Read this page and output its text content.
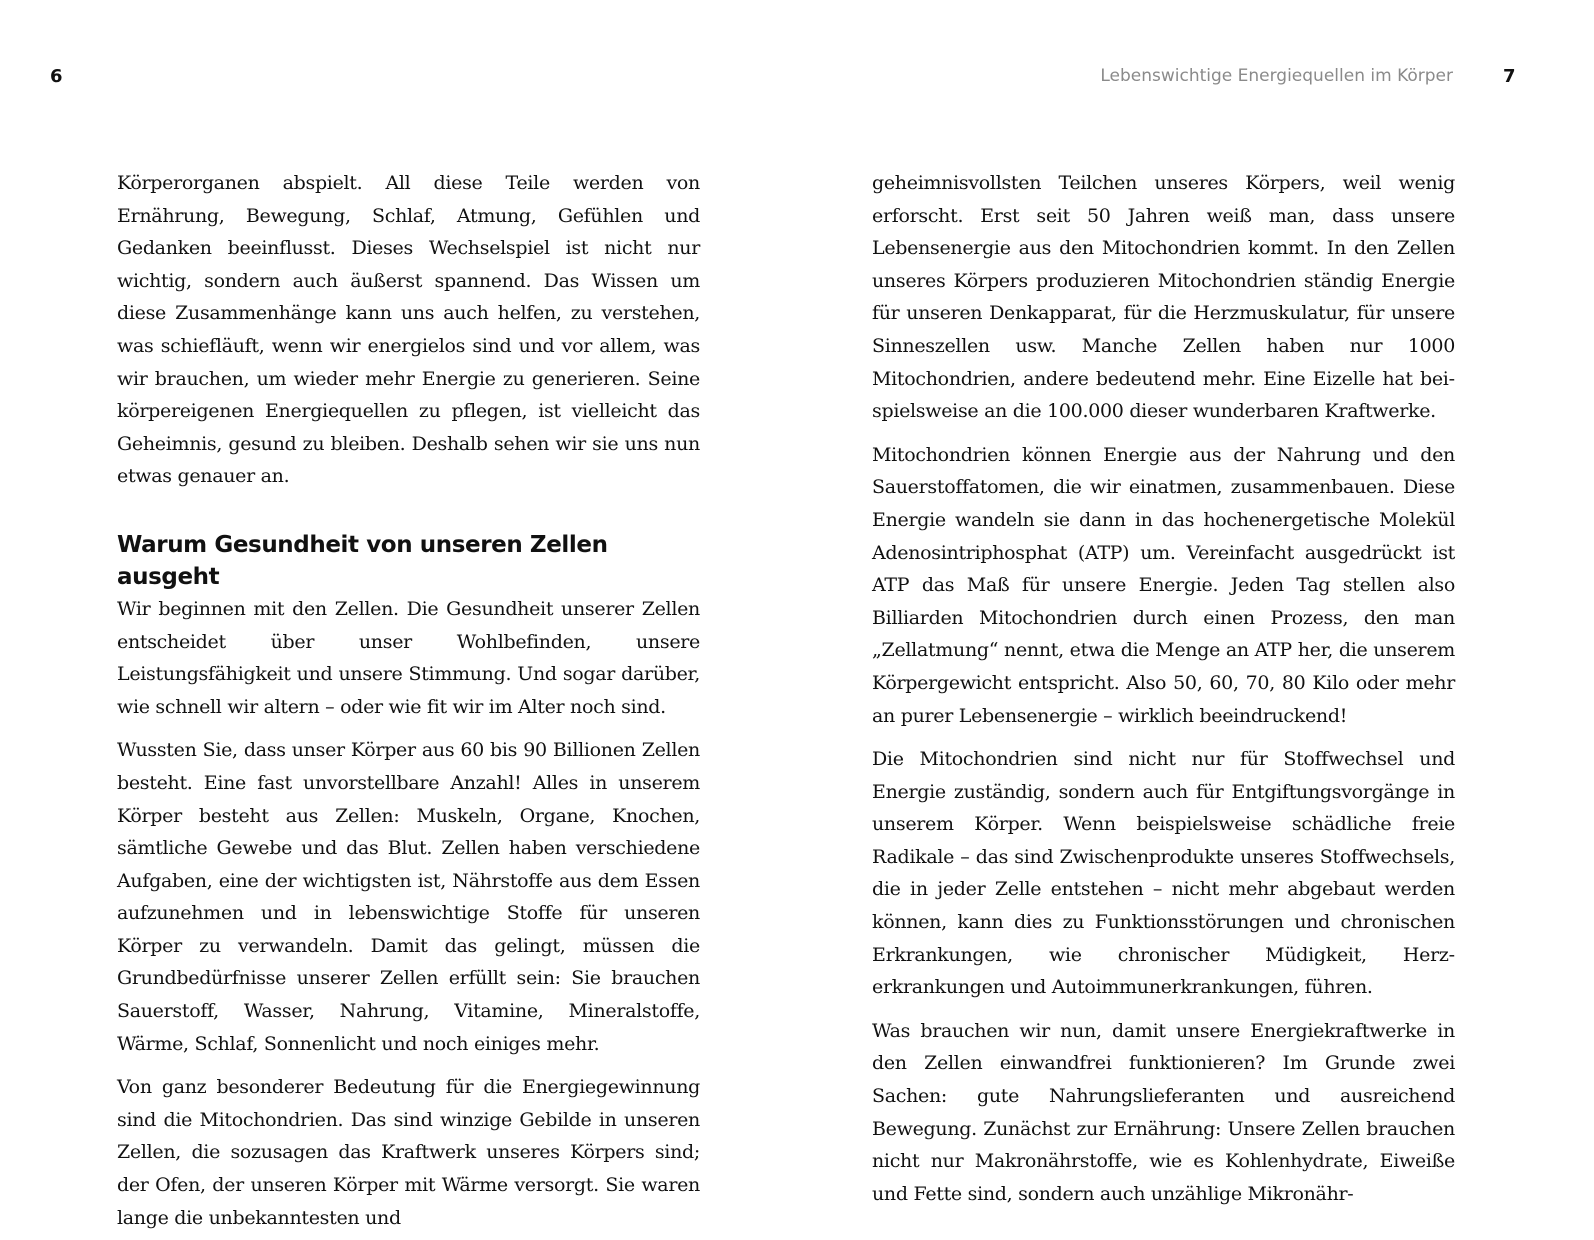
6	Lebenswichtige Energiequellen im Körper	7

Körperorganen abspielt. All diese Teile werden von Ernährung, Bewegung, Schlaf, Atmung, Gefühlen und Gedanken beeinflusst. Dieses Wechselspiel ist nicht nur wichtig, sondern auch äußerst spannend. Das Wissen um diese Zusammenhänge kann uns auch helfen, zu verstehen, was schiefläuft, wenn wir energielos sind und vor allem, was wir brauchen, um wieder mehr Energie zu generieren. Seine körpereigenen Energiequellen zu pflegen, ist vielleicht das Geheimnis, gesund zu bleiben. Deshalb sehen wir sie uns nun etwas genauer an.

Warum Gesundheit von unseren Zellen ausgeht

Wir beginnen mit den Zellen. Die Gesundheit unserer Zellen entscheidet über unser Wohlbefinden, unsere Leistungsfähigkeit und unsere Stimmung. Und sogar darüber, wie schnell wir altern – oder wie fit wir im Alter noch sind.

Wussten Sie, dass unser Körper aus 60 bis 90 Billionen Zellen besteht. Eine fast unvorstellbare Anzahl! Alles in unserem Körper besteht aus Zellen: Muskeln, Organe, Knochen, sämtliche Gewebe und das Blut. Zellen haben verschiedene Aufgaben, eine der wichtigsten ist, Nährstoffe aus dem Essen aufzunehmen und in lebenswichtige Stoffe für unseren Körper zu verwandeln. Damit das gelingt, müssen die Grundbedürfnisse unserer Zellen erfüllt sein: Sie brauchen Sauerstoff, Wasser, Nahrung, Vitamine, Mineralstoffe, Wärme, Schlaf, Sonnenlicht und noch einiges mehr.

Von ganz besonderer Bedeutung für die Energiegewinnung sind die Mitochondrien. Das sind winzige Gebilde in unseren Zellen, die sozusagen das Kraftwerk unseres Körpers sind; der Ofen, der unseren Körper mit Wärme versorgt. Sie waren lange die unbekanntesten und

geheimnisvollsten Teilchen unseres Körpers, weil wenig erforscht. Erst seit 50 Jahren weiß man, dass unsere Lebensenergie aus den Mitochondrien kommt. In den Zellen unseres Körpers produzieren Mitochondrien ständig Energie für unseren Denkapparat, für die Herzmuskulatur, für unsere Sinneszellen usw. Manche Zellen haben nur 1000 Mitochondrien, andere bedeutend mehr. Eine Eizelle hat beispielsweise an die 100.000 dieser wunderbaren Kraftwerke.

Mitochondrien können Energie aus der Nahrung und den Sauerstoffatomen, die wir einatmen, zusammenbauen. Diese Energie wandeln sie dann in das hochenergetische Molekül Adenosintriphosphat (ATP) um. Vereinfacht ausgedrückt ist ATP das Maß für unsere Energie. Jeden Tag stellen also Billiarden Mitochondrien durch einen Prozess, den man „Zellatmung“ nennt, etwa die Menge an ATP her, die unserem Körpergewicht entspricht. Also 50, 60, 70, 80 Kilo oder mehr an purer Lebensenergie – wirklich beeindruckend!

Die Mitochondrien sind nicht nur für Stoffwechsel und Energie zuständig, sondern auch für Entgiftungsvorgänge in unserem Körper. Wenn beispielsweise schädliche freie Radikale – das sind Zwischenprodukte unseres Stoffwechsels, die in jeder Zelle entstehen – nicht mehr abgebaut werden können, kann dies zu Funktionsstörungen und chronischen Erkrankungen, wie chronischer Müdigkeit, Herzerkrankungen und Autoimmunerkrankungen, führen.

Was brauchen wir nun, damit unsere Energiekraftwerke in den Zellen einwandfrei funktionieren? Im Grunde zwei Sachen: gute Nahrungslieferanten und ausreichend Bewegung. Zunächst zur Ernährung: Unsere Zellen brauchen nicht nur Makronährstoffe, wie es Kohlenhydrate, Eiweiße und Fette sind, sondern auch unzählige Mikronähr-
